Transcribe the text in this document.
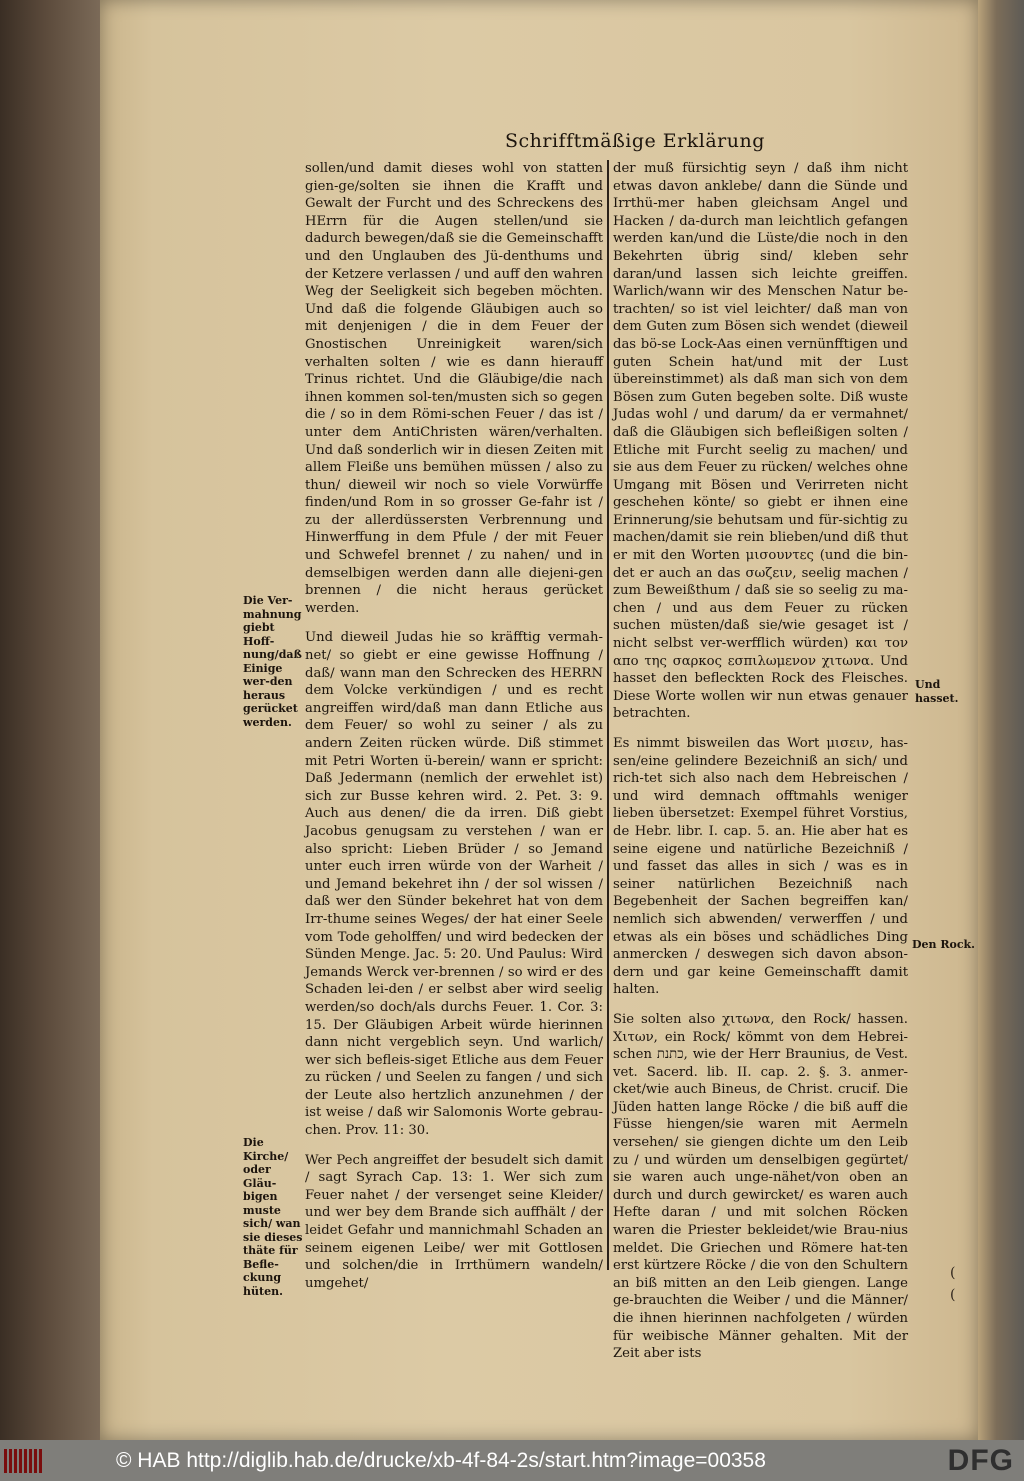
Schrifftmäßige Erklärung

sollen/und damit dieses wohl von statten gien-ge/solten sie ihnen die Krafft und Gewalt der Furcht und des Schreckens des HErrn für die Augen stellen/und sie dadurch bewegen/daß sie die Gemeinschafft und den Unglauben des Jü-denthums und der Ketzere verlassen / und auff den wahren Weg der Seeligkeit sich begeben möchten. Und daß die folgende Gläubigen auch so mit denjenigen / die in dem Feuer der Gnostischen Unreinigkeit waren/sich verhalten solten / wie es dann hierauff Trinus richtet. Und die Gläubige/die nach ihnen kommen sol-ten/musten sich so gegen die / so in dem Römi-schen Feuer / das ist / unter dem AntiChristen wären/verhalten. Und daß sonderlich wir in diesen Zeiten mit allem Fleiße uns bemühen müssen / also zu thun/ dieweil wir noch so viele Vorwürffe finden/und Rom in so grosser Ge-fahr ist / zu der allerdüssersten Verbrennung und Hinwerffung in dem Pfule / der mit Feuer und Schwefel brennet / zu nahen/ und in demselbigen werden dann alle diejeni-gen brennen / die nicht heraus gerücket werden.

Und dieweil Judas hie so kräfftig vermah-net/ so giebt er eine gewisse Hoffnung / daß/ wann man den Schrecken des HERRN dem Volcke verkündigen / und es recht angreiffen wird/daß man dann Etliche aus dem Feuer/ so wohl zu seiner / als zu andern Zeiten rücken würde. Diß stimmet mit Petri Worten ü-berein/ wann er spricht: Daß Jedermann (nemlich der erwehlet ist) sich zur Busse kehren wird. 2. Pet. 3: 9. Auch aus denen/ die da irren. Diß giebt Jacobus genugsam zu verstehen / wan er also spricht: Lieben Brüder / so Jemand unter euch irren würde von der Warheit / und Jemand bekehret ihn / der sol wissen / daß wer den Sünder bekehret hat von dem Irr-thume seines Weges/ der hat einer Seele vom Tode geholffen/ und wird bedecken der Sünden Menge. Jac. 5: 20. Und Paulus: Wird Jemands Werck ver-brennen / so wird er des Schaden lei-den / er selbst aber wird seelig werden/so doch/als durchs Feuer. 1. Cor. 3: 15. Der Gläubigen Arbeit würde hierinnen dann nicht vergeblich seyn. Und warlich/ wer sich befleis-siget Etliche aus dem Feuer zu rücken / und Seelen zu fangen / und sich der Leute also hertzlich anzunehmen / der ist weise / daß wir Salomonis Worte gebrau-chen. Prov. 11: 30.

Wer Pech angreiffet der besudelt sich damit / sagt Syrach Cap. 13: 1. Wer sich zum Feuer nahet / der versenget seine Kleider/ und wer bey dem Brande sich auffhält / der leidet Gefahr und mannichmahl Schaden an seinem eigenen Leibe/ wer mit Gottlosen und solchen/die in Irrthümern wandeln/ umgehet/

der muß fürsichtig seyn / daß ihm nicht etwas davon anklebe/ dann die Sünde und Irrthü-mer haben gleichsam Angel und Hacken / da-durch man leichtlich gefangen werden kan/und die Lüste/die noch in den Bekehrten übrig sind/ kleben sehr daran/und lassen sich leichte greiffen. Warlich/wann wir des Menschen Natur be-trachten/ so ist viel leichter/ daß man von dem Guten zum Bösen sich wendet (dieweil das bö-se Lock-Aas einen vernünfftigen und guten Schein hat/und mit der Lust übereinstimmet) als daß man sich von dem Bösen zum Guten begeben solte. Diß wuste Judas wohl / und darum/ da er vermahnet/ daß die Gläubigen sich befleißigen solten / Etliche mit Furcht seelig zu machen/ und sie aus dem Feuer zu rücken/ welches ohne Umgang mit Bösen und Verirreten nicht geschehen könte/ so giebt er ihnen eine Erinnerung/sie behutsam und für-sichtig zu machen/damit sie rein blieben/und diß thut er mit den Worten μισουντες (und die bin-det er auch an das σωζειν, seelig machen / zum Beweißthum / daß sie so seelig zu ma-chen / und aus dem Feuer zu rücken suchen müsten/daß sie/wie gesaget ist / nicht selbst ver-werfflich würden) και τον απο της σαρκος εσπιλωμενον χιτωνα. Und hasset den befleckten Rock des Fleisches. Diese Worte wollen wir nun etwas genauer betrachten.

Es nimmt bisweilen das Wort μισειν, has-sen/eine gelindere Bezeichniß an sich/ und rich-tet sich also nach dem Hebreischen / und wird demnach offtmahls weniger lieben übersetzet: Exempel führet Vorstius, de Hebr. libr. I. cap. 5. an. Hie aber hat es seine eigene und natürliche Bezeichniß / und fasset das alles in sich / was es in seiner natürlichen Bezeichniß nach Begebenheit der Sachen begreiffen kan/ nemlich sich abwenden/ verwerffen / und etwas als ein böses und schädliches Ding anmercken / deswegen sich davon abson-dern und gar keine Gemeinschafft damit halten.

Sie solten also χιτωνα, den Rock/ hassen. Χιτων, ein Rock/ kömmt von dem Hebrei-schen כתנת, wie der Herr Braunius, de Vest. vet. Sacerd. lib. II. cap. 2. §. 3. anmer-cket/wie auch Bineus, de Christ. crucif. Die Jüden hatten lange Röcke / die biß auff die Füsse hiengen/sie waren mit Aermeln versehen/ sie giengen dichte um den Leib zu / und würden um denselbigen gegürtet/ sie waren auch unge-nähet/von oben an durch und durch gewircket/ es waren auch Hefte daran / und mit solchen Röcken waren die Priester bekleidet/wie Brau-nius meldet. Die Griechen und Römere hat-ten erst kürtzere Röcke / die von den Schultern an biß mitten an den Leib giengen. Lange ge-brauchten die Weiber / und die Männer/ die ihnen hierinnen nachfolgeten / würden für weibische Männer gehalten. Mit der Zeit aber ists

Die Ver-mahnung giebt Hoff-nung/daß Einige wer-den heraus gerücket werden.
Die Kirche/ oder Gläu-bigen muste sich/ wan sie dieses thäte für Befle-ckung hüten.
Und hasset.
Den Rock.
(
(
© HAB http://diglib.hab.de/drucke/xb-4f-84-2s/start.htm?image=00358	DFG
